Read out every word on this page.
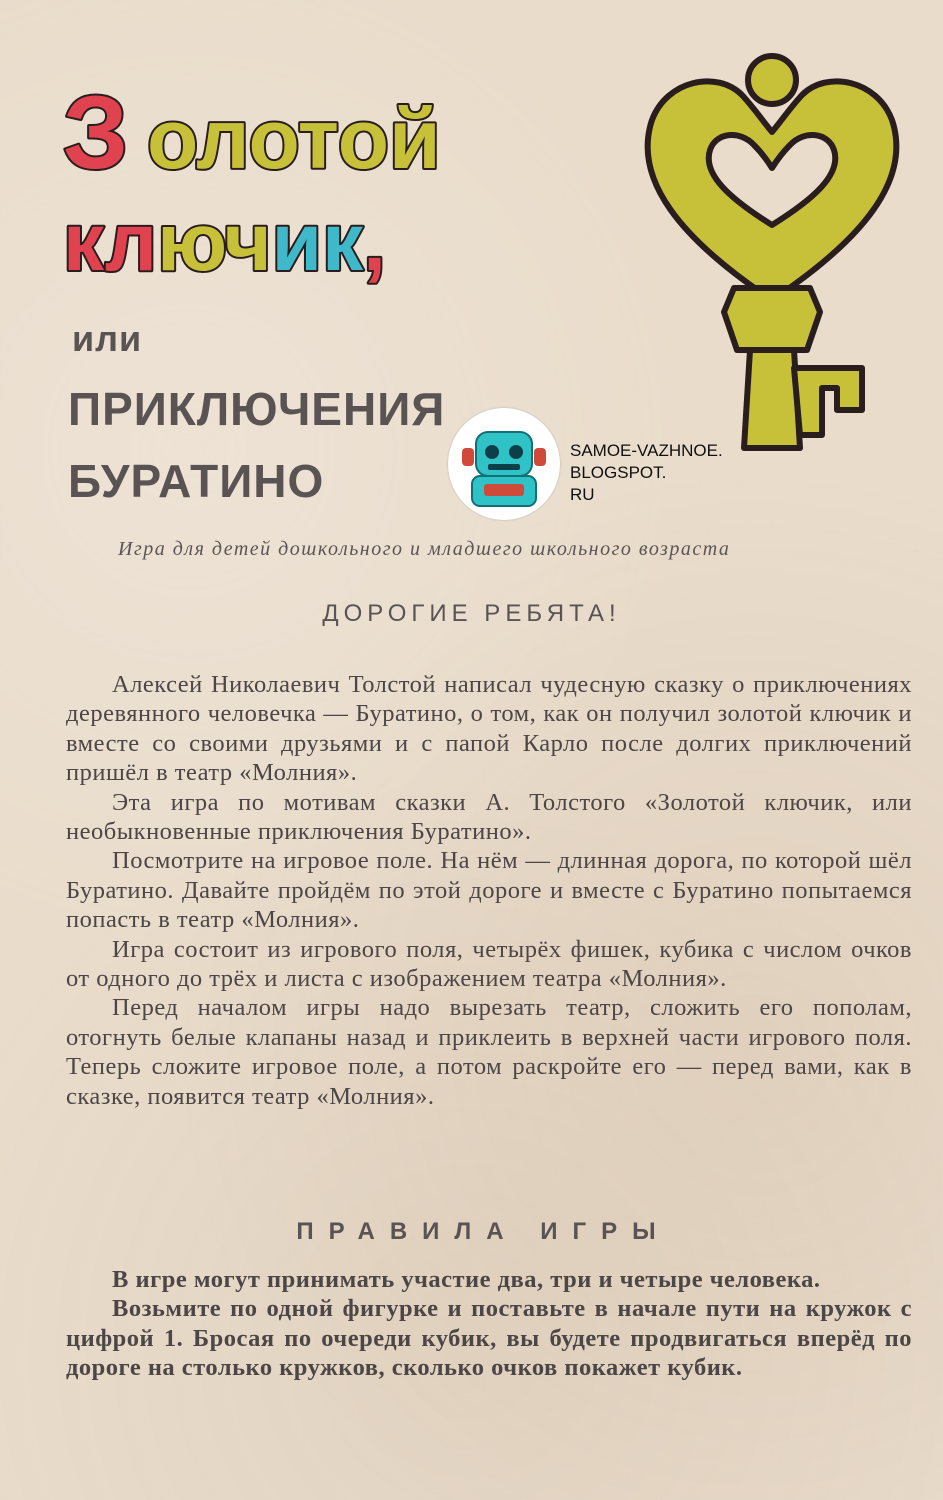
З олотой
ключик,
или
ПРИКЛЮЧЕНИЯ
БУРАТИНО
SAMOE-VAZHNOE.
BLOGSPOT.
RU
Игра для детей дошкольного и младшего школьного возраста
ДОРОГИЕ РЕБЯТА!

Алексей Николаевич Толстой написал чудесную сказку о приключениях деревянного человечка — Буратино, о том, как он получил золотой ключик и вместе со своими друзьями и с папой Карло после долгих приключений пришёл в театр «Молния».

Эта игра по мотивам сказки А. Толстого «Золотой ключик, или необыкновенные приключения Буратино».

Посмотрите на игровое поле. На нём — длинная дорога, по которой шёл Буратино. Давайте пройдём по этой дороге и вместе с Буратино попытаемся попасть в театр «Молния».

Игра состоит из игрового поля, четырёх фишек, кубика с числом очков от одного до трёх и листа с изображением театра «Молния».

Перед началом игры надо вырезать театр, сложить его пополам, отогнуть белые клапаны назад и приклеить в верхней части игрового поля. Теперь сложите игровое поле, а потом раскройте его — перед вами, как в сказке, появится театр «Молния».

ПРАВИЛА ИГРЫ

В игре могут принимать участие два, три и четыре человека.

Возьмите по одной фигурке и поставьте в начале пути на кружок с цифрой 1. Бросая по очереди кубик, вы будете продвигаться вперёд по дороге на столько кружков, сколько очков покажет кубик.
